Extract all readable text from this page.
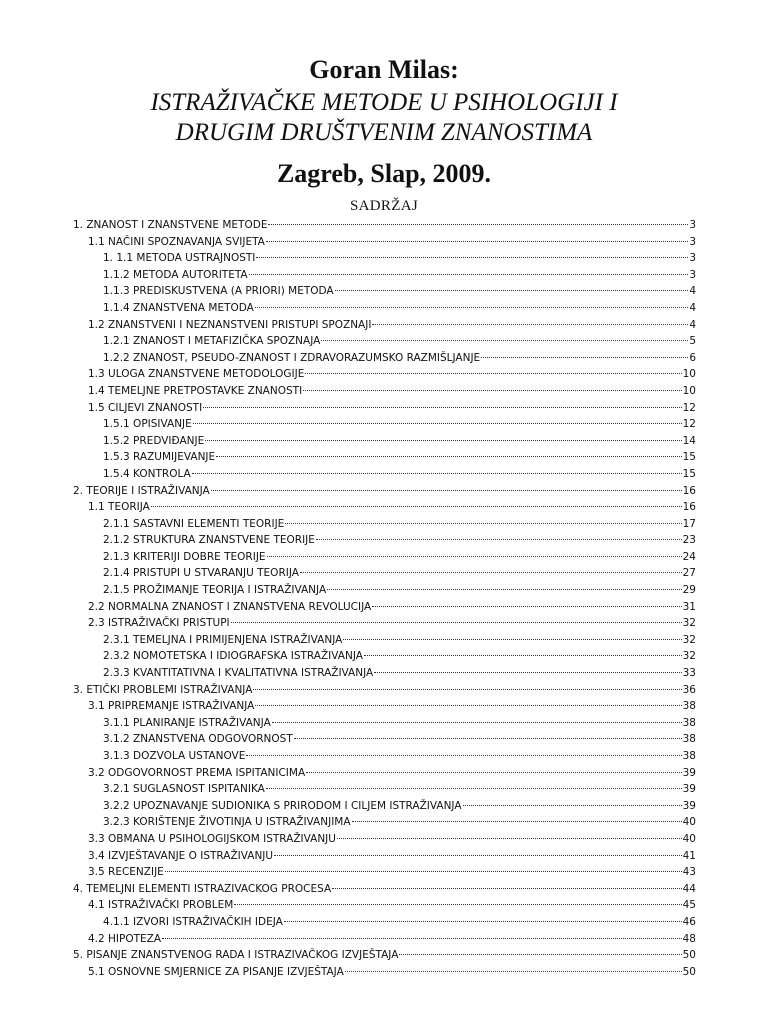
Goran Milas:
ISTRAŽIVAČKE METODE U PSIHOLOGIJI I
DRUGIM DRUŠTVENIM ZNANOSTIMA
Zagreb, Slap, 2009.
SADRŽAJ
1. ZNANOST I ZNANSTVENE METODE	3
1.1 NAČINI SPOZNAVANJA SVIJETA	3
1. 1.1 METODA USTRAJNOSTI	3
1.1.2 METODA AUTORITETA	3
1.1.3 PREDISKUSTVENA (A PRIORI) METODA	4
1.1.4 ZNANSTVENA METODA	4
1.2 ZNANSTVENI I NEZNANSTVENI PRISTUPI SPOZNAJI	4
1.2.1 ZNANOST I METAFIZIČKA SPOZNAJA	5
1.2.2 ZNANOST, PSEUDO-ZNANOST I ZDRAVORAZUMSKO RAZMIŠLJANJE	6
1.3 ULOGA ZNANSTVENE METODOLOGIJE	10
1.4 TEMELJNE PRETPOSTAVKE ZNANOSTI	10
1.5 CILJEVI ZNANOSTI	12
1.5.1 OPISIVANJE	12
1.5.2 PREDVIĐANJE	14
1.5.3 RAZUMIJEVANJE	15
1.5.4 KONTROLA	15
2. TEORIJE I ISTRAŽIVANJA	16
1.1 TEORIJA	16
2.1.1 SASTAVNI ELEMENTI TEORIJE	17
2.1.2 STRUKTURA ZNANSTVENE TEORIJE	23
2.1.3 KRITERIJI DOBRE TEORIJE	24
2.1.4 PRISTUPI U STVARANJU TEORIJA	27
2.1.5 PROŽIMANJE TEORIJA I ISTRAŽIVANJA	29
2.2 NORMALNA ZNANOST I ZNANSTVENA REVOLUCIJA	31
2.3 ISTRAŽIVAČKI PRISTUPI	32
2.3.1 TEMELJNA I PRIMIJENJENA ISTRAŽIVANJA	32
2.3.2 NOMOTETSKA I IDIOGRAFSKA ISTRAŽIVANJA	32
2.3.3 KVANTITATIVNA I KVALITATIVNA ISTRAŽIVANJA	33
3. ETIČKI PROBLEMI ISTRAŽIVANJA	36
3.1 PRIPREMANJE ISTRAŽIVANJA	38
3.1.1 PLANIRANJE ISTRAŽIVANJA	38
3.1.2 ZNANSTVENA ODGOVORNOST	38
3.1.3 DOZVOLA USTANOVE	38
3.2 ODGOVORNOST PREMA ISPITANICIMA	39
3.2.1 SUGLASNOST ISPITANIKA	39
3.2.2 UPOZNAVANJE SUDIONIKA S PRIRODOM I CILJEM ISTRAŽIVANJA	39
3.2.3 KORIŠTENJE ŽIVOTINJA U ISTRAŽIVANJIMA	40
3.3 OBMANA U PSIHOLOGIJSKOM ISTRAŽIVANJU	40
3.4 IZVJEŠTAVANJE O ISTRAŽIVANJU	41
3.5 RECENZIJE	43
4. TEMELJNI ELEMENTI ISTRAZIVACKOG PROCESA	44
4.1 ISTRAŽIVAČKI PROBLEM	45
4.1.1 IZVORI ISTRAŽIVAČKIH IDEJA	46
4.2 HIPOTEZA	48
5. PISANJE ZNANSTVENOG RADA I ISTRAZIVAČKOG IZVJEŠTAJA	50
5.1 OSNOVNE SMJERNICE ZA PISANJE IZVJEŠTAJA	50
